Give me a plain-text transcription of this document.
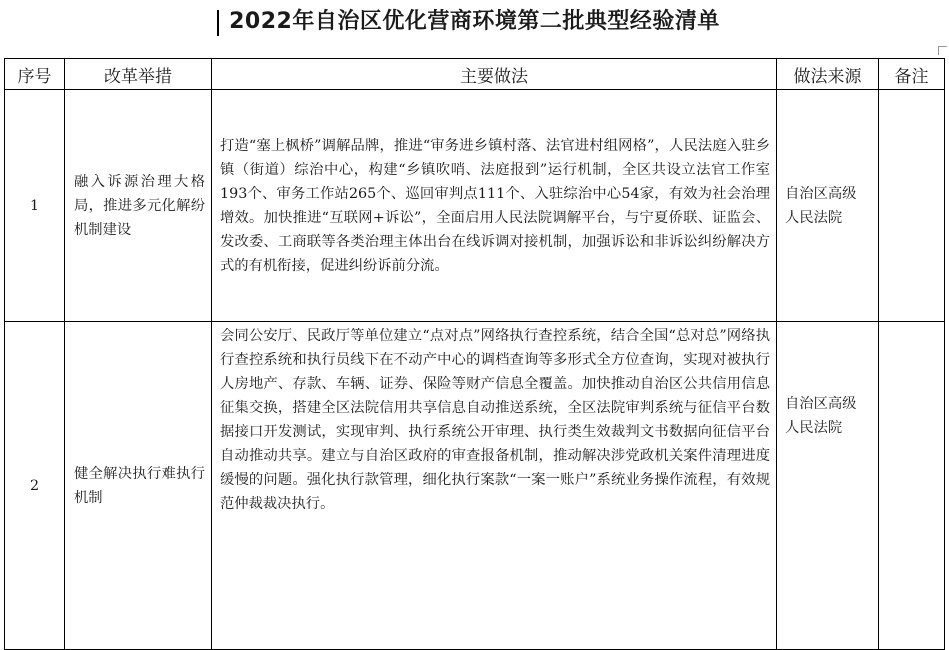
2022年自治区优化营商环境第二批典型经验清单
序号	改革举措	主要做法	做法来源	备注
1	融入诉源治理大格局，推进多元化解纷机制建设	打造“塞上枫桥”调解品牌，推进“审务进乡镇村落、法官进村组网格”，人民法庭入驻乡镇（街道）综治中心，构建“乡镇吹哨、法庭报到”运行机制，全区共设立法官工作室193个、审务工作站265个、巡回审判点111个、入驻综治中心54家，有效为社会治理增效。加快推进“互联网+诉讼”，全面启用人民法院调解平台，与宁夏侨联、证监会、发改委、工商联等各类治理主体出台在线诉调对接机制，加强诉讼和非诉讼纠纷解决方式的有机衔接，促进纠纷诉前分流。	自治区高级人民法院	
2	健全解决执行难执行机制	会同公安厅、民政厅等单位建立“点对点”网络执行查控系统，结合全国“总对总”网络执行查控系统和执行员线下在不动产中心的调档查询等多形式全方位查询，实现对被执行人房地产、存款、车辆、证券、保险等财产信息全覆盖。加快推动自治区公共信用信息征集交换，搭建全区法院信用共享信息自动推送系统，全区法院审判系统与征信平台数据接口开发测试，实现审判、执行系统公开审理、执行类生效裁判文书数据向征信平台自动推动共享。建立与自治区政府的审查报备机制，推动解决涉党政机关案件清理进度缓慢的问题。强化执行款管理，细化执行案款“一案一账户”系统业务操作流程，有效规范仲裁裁决执行。	自治区高级人民法院	
